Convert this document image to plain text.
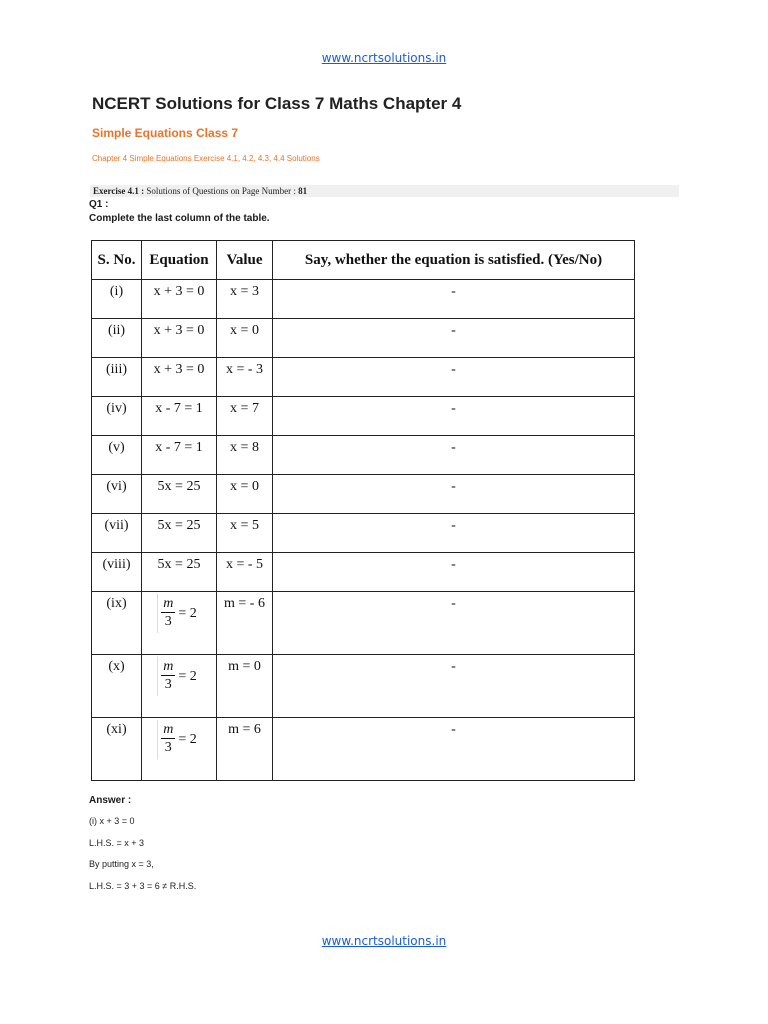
www.ncrtsolutions.in
NCERT Solutions for Class 7 Maths Chapter 4
Simple Equations Class 7
Chapter 4 Simple Equations Exercise 4.1, 4.2, 4.3, 4.4 Solutions
Exercise 4.1 : Solutions of Questions on Page Number : 81
Q1 :
Complete the last column of the table.
S. No.	Equation	Value	Say, whether the equation is satisfied. (Yes/No)
(i)	x + 3 = 0	x = 3	-
(ii)	x + 3 = 0	x = 0	-
(iii)	x + 3 = 0	x = - 3	-
(iv)	x - 7 = 1	x = 7	-
(v)	x - 7 = 1	x = 8	-
(vi)	5x = 25	x = 0	-
(vii)	5x = 25	x = 5	-
(viii)	5x = 25	x = - 5	-
(ix)	$\frac{m}{3} = 2$	m = - 6	-
(x)	$\frac{m}{3} = 2$	m = 0	-
(xi)	$\frac{m}{3} = 2$	m = 6	-
Answer :
(i) x + 3 = 0
L.H.S. = x + 3
By putting x = 3,
L.H.S. = 3 + 3 = 6 ≠ R.H.S.
www.ncrtsolutions.in
